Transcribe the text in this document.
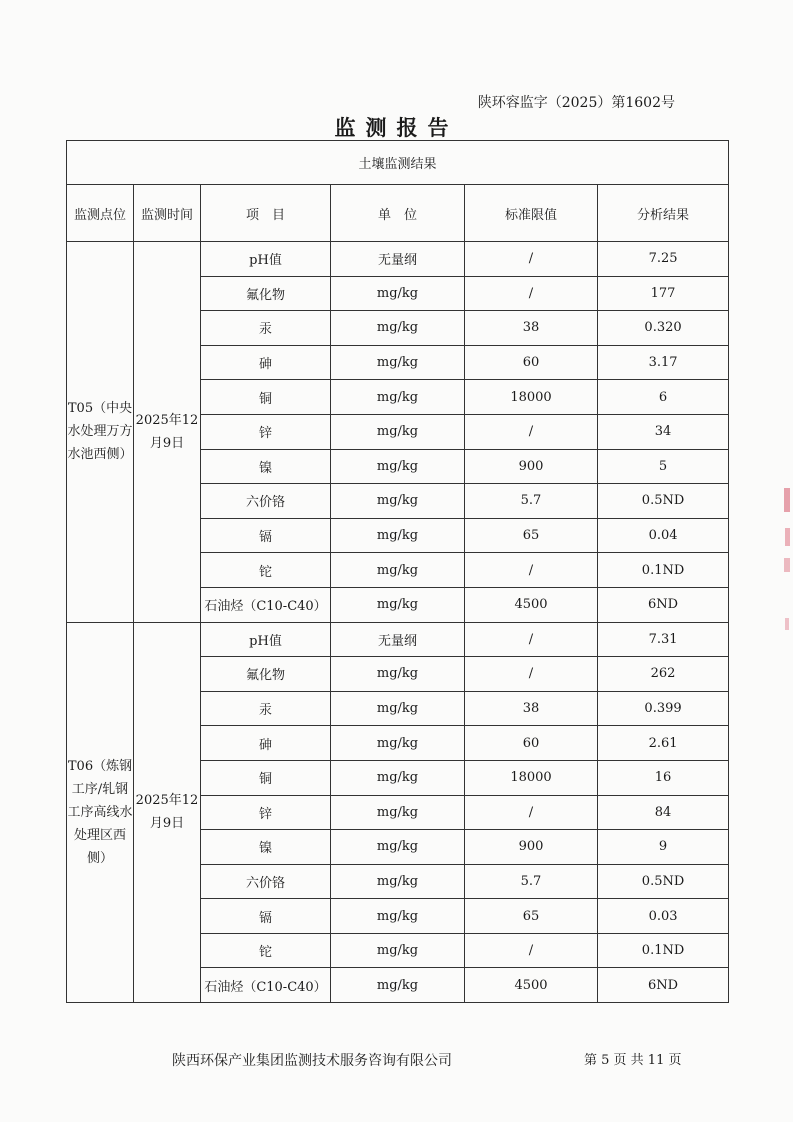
陕环容监字（2025）第1602号
监测报告
土壤监测结果					
监测点位	监测时间	项　目	单　位	标准限值	分析结果
T05（中央水处理万方水池西侧）	2025年12月9日	pH值	无量纲	/	7.25
		氟化物	mg/kg	/	177
		汞	mg/kg	38	0.320
		砷	mg/kg	60	3.17
		铜	mg/kg	18000	6
		锌	mg/kg	/	34
		镍	mg/kg	900	5
		六价铬	mg/kg	5.7	0.5ND
		镉	mg/kg	65	0.04
		铊	mg/kg	/	0.1ND
		石油烃（C10-C40）	mg/kg	4500	6ND
T06（炼钢工序/轧钢工序高线水处理区西侧）	2025年12月9日	pH值	无量纲	/	7.31
		氟化物	mg/kg	/	262
		汞	mg/kg	38	0.399
		砷	mg/kg	60	2.61
		铜	mg/kg	18000	16
		锌	mg/kg	/	84
		镍	mg/kg	900	9
		六价铬	mg/kg	5.7	0.5ND
		镉	mg/kg	65	0.03
		铊	mg/kg	/	0.1ND
		石油烃（C10-C40）	mg/kg	4500	6ND
陕西环保产业集团监测技术服务咨询有限公司	第 5 页 共 11 页
